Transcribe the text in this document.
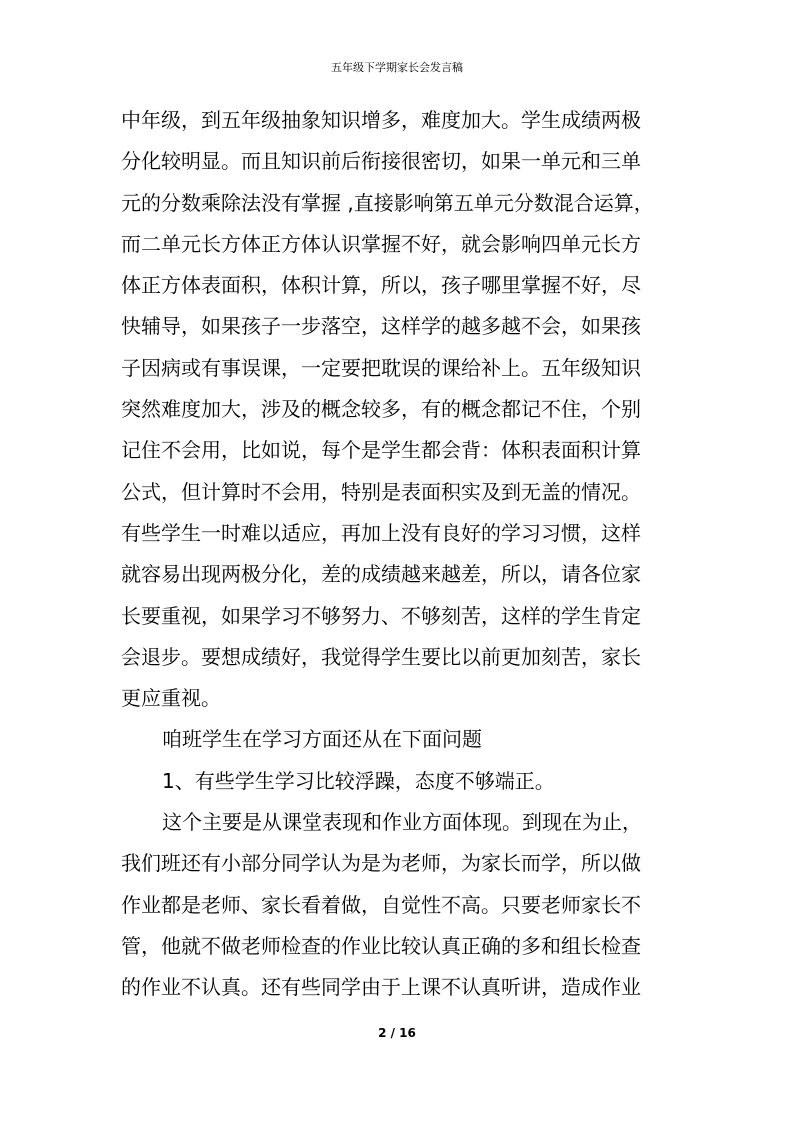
五年级下学期家长会发言稿
中年级，到五年级抽象知识增多，难度加大。学生成绩两极
分化较明显。而且知识前后衔接很密切，如果一单元和三单
元的分数乘除法没有掌握 ,直接影响第五单元分数混合运算，
而二单元长方体正方体认识掌握不好，就会影响四单元长方
体正方体表面积，体积计算，所以，孩子哪里掌握不好，尽
快辅导，如果孩子一步落空，这样学的越多越不会，如果孩
子因病或有事误课，一定要把耽误的课给补上。五年级知识
突然难度加大，涉及的概念较多，有的概念都记不住，个别
记住不会用，比如说，每个是学生都会背：体积表面积计算
公式，但计算时不会用，特别是表面积实及到无盖的情况。
有些学生一时难以适应，再加上没有良好的学习习惯，这样
就容易出现两极分化，差的成绩越来越差，所以，请各位家
长要重视，如果学习不够努力、不够刻苦，这样的学生肯定
会退步。要想成绩好，我觉得学生要比以前更加刻苦，家长
更应重视。
咱班学生在学习方面还从在下面问题
1、有些学生学习比较浮躁，态度不够端正。
这个主要是从课堂表现和作业方面体现。到现在为止，
我们班还有小部分同学认为是为老师，为家长而学，所以做
作业都是老师、家长看着做，自觉性不高。只要老师家长不
管，他就不做老师检查的作业比较认真正确的多和组长检查
的作业不认真。还有些同学由于上课不认真听讲，造成作业
2 / 16
